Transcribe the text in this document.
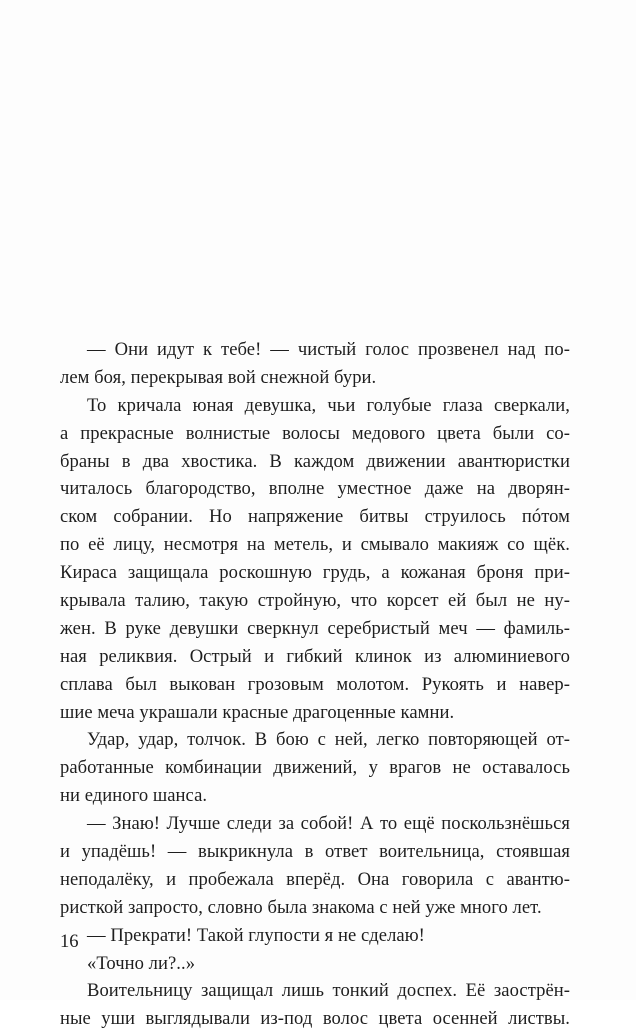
— Они идут к тебе! — чистый голос прозвенел над по-
лем боя, перекрывая вой снежной бури.
То кричала юная девушка, чьи голубые глаза сверкали,
а прекрасные волнистые волосы медового цвета были со-
браны в два хвостика. В каждом движении авантюристки
читалось благородство, вполне уместное даже на дворян-
ском собрании. Но напряжение битвы струилось пóтом
по её лицу, несмотря на метель, и смывало макияж со щёк.
Кираса защищала роскошную грудь, а кожаная броня при-
крывала талию, такую стройную, что корсет ей был не ну-
жен. В руке девушки сверкнул серебристый меч — фамиль-
ная реликвия. Острый и гибкий клинок из алюминиевого
сплава был выкован грозовым молотом. Рукоять и навер-
шие меча украшали красные драгоценные камни.
Удар, удар, толчок. В бою с ней, легко повторяющей от-
работанные комбинации движений, у врагов не оставалось
ни единого шанса.
— Знаю! Лучше следи за собой! А то ещё поскользнёшься
и упадёшь! — выкрикнула в ответ воительница, стоявшая
неподалёку, и пробежала вперёд. Она говорила с авантю-
ристкой запросто, словно была знакома с ней уже много лет.
— Прекрати! Такой глупости я не сделаю!
«Точно ли?..»
Воительницу защищал лишь тонкий доспех. Её заострён-
ные уши выглядывали из-под волос цвета осенней листвы.
16
